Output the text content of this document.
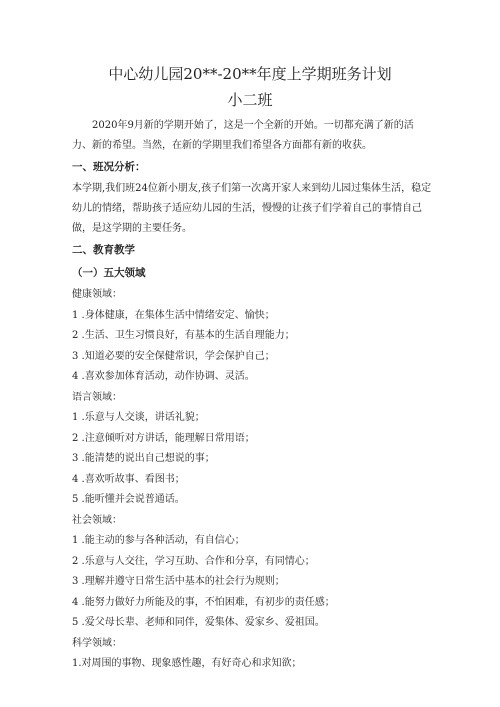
中心幼儿园20**-20**年度上学期班务计划
小二班

2020年9月新的学期开始了，这是一个全新的开始。一切都充满了新的活力、新的希望。当然，在新的学期里我们希望各方面都有新的收获。

一、班况分析：

本学期,我们班24位新小朋友,孩子们第一次离开家人来到幼儿园过集体生活，稳定幼儿的情绪，帮助孩子适应幼儿园的生活，慢慢的让孩子们学着自己的事情自己做，是这学期的主要任务。

二、教育教学

（一）五大领域

健康领域：

1 .身体健康，在集体生活中情绪安定、愉快；

2 .生活、卫生习惯良好，有基本的生活自理能力；

3 .知道必要的安全保健常识，学会保护自己；

4 .喜欢参加体育活动，动作协调、灵活。

语言领域：

1 .乐意与人交谈，讲话礼貌；

2 .注意倾听对方讲话，能理解日常用语；

3 .能清楚的说出自己想说的事；

4 .喜欢听故事、看图书；

5 .能听懂并会说普通话。

社会领域：

1 .能主动的参与各种活动，有自信心；

2 .乐意与人交往，学习互助、合作和分享，有同情心；

3 .理解并遵守日常生活中基本的社会行为规则；

4 .能努力做好力所能及的事，不怕困难，有初步的责任感；

5 .爱父母长辈、老师和同伴，爱集体、爱家乡、爱祖国。

科学领域：

1.对周围的事物、现象感性趣，有好奇心和求知欲；
